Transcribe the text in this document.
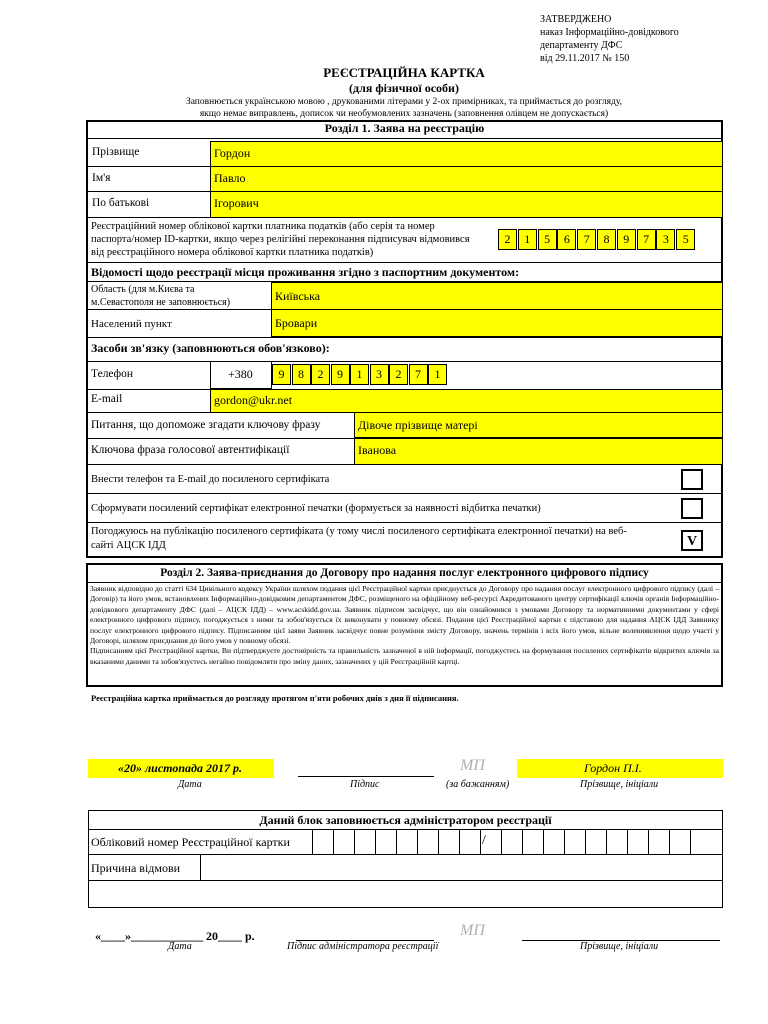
ЗАТВЕРДЖЕНО
наказ Інформаційно-довідкового
департаменту ДФС
від 29.11.2017 № 150
РЕЄСТРАЦІЙНА КАРТКА
(для фізичної особи)
Заповнюється українською мовою , друкованими літерами у 2-ох примірниках, та приймається до розгляду,
якщо немає виправлень, дописок чи необумовлених зазначень (заповнення олівцем не допускається)
Розділ 1. Заява на реєстрацію
Прізвище	Гордон
Ім'я	Павло
По батькові	Ігорович
Реєстраційний номер облікової картки платника податків (або серія та номер
паспорта/номер ID-картки, якщо через релігійні переконання підписувач відмовився
від реєстраційного номера облікової картки платника податків)
2	1	5	6	7	8	9	7	3	5
Відомості щодо реєстрації місця проживання згідно з паспортним документом:
Область (для м.Києва та
м.Севастополя не заповнюється)	Київська
Населений пункт	Бровари
Засоби зв'язку (заповнюються обов'язково):
Телефон	+380	9	8	2	9	1	3	2	7	1
E-mail	gordon@ukr.net
Питання, що допоможе згадати ключову фразу	Дівоче прізвище матері
Ключова фраза голосової автентифікації	Іванова
Внести телефон та E-mail до посиленого сертифіката
Сформувати посилений сертифікат електронної печатки (формується за наявності відбитка печатки)
Погоджуюсь на публікацію посиленого сертифіката (у тому числі посиленого сертифіката електронної печатки) на веб-
сайті АЦСК ІДД	V
Розділ 2. Заява-приєднання до Договору про надання послуг електронного цифрового підпису
Заявник відповідно до статті 634 Цивільного кодексу України шляхом подання цієї Реєстраційної картки приєднується до Договору про надання послуг електронного цифрового підпису (далі – Договір) та його умов, встановлених Інформаційно-довідковим департаментом ДФС, розміщеного на офіційному веб-ресурсі Акредитованого центру сертифікації ключів органів Інформаційно-довідкового департаменту ДФС (далі – АЦСК ІДД) – www.acskidd.gov.ua. Заявник підписом засвідчує, що він ознайомився з умовами Договору та нормативними документами у сфері електронного цифрового підпису, погоджується з ними та зобов'язується їх виконувати у повному обсязі. Подання цієї Реєстраційної картки є підставою для надання АЦСК ІДД Заявнику послуг електронного цифрового підпису. Підписанням цієї заяви Заявник засвідчує повне розуміння змісту Договору, значень термінів і всіх його умов, вільне волевиявлення щодо участі у Договорі, шляхом приєднання до його умов у повному обсязі.
Підписанням цієї Реєстраційної картки, Ви підтверджуєте достовірність та правильність зазначеної в ній інформації, погоджуєтесь на формування посилених сертифікатів відкритих ключів за вказаними даними та зобов'язуєтесь негайно повідомляти про зміну даних, зазначених у цій Реєстраційній картці.
Реєстраційна картка приймається до розгляду протягом п'яти робочих днів з дня її підписання.
«20» листопада 2017 р.	МП	Гордон П.І.
Дата	Підпис	(за бажанням)	Прізвище, ініціали
Даний блок заповнюється адміністратором реєстрації
Обліковий номер Реєстраційної картки	/
Причина відмови
«____»____________ 20____ р.	МП
Дата	Підпис адміністратора реєстрації	Прізвище, ініціали
